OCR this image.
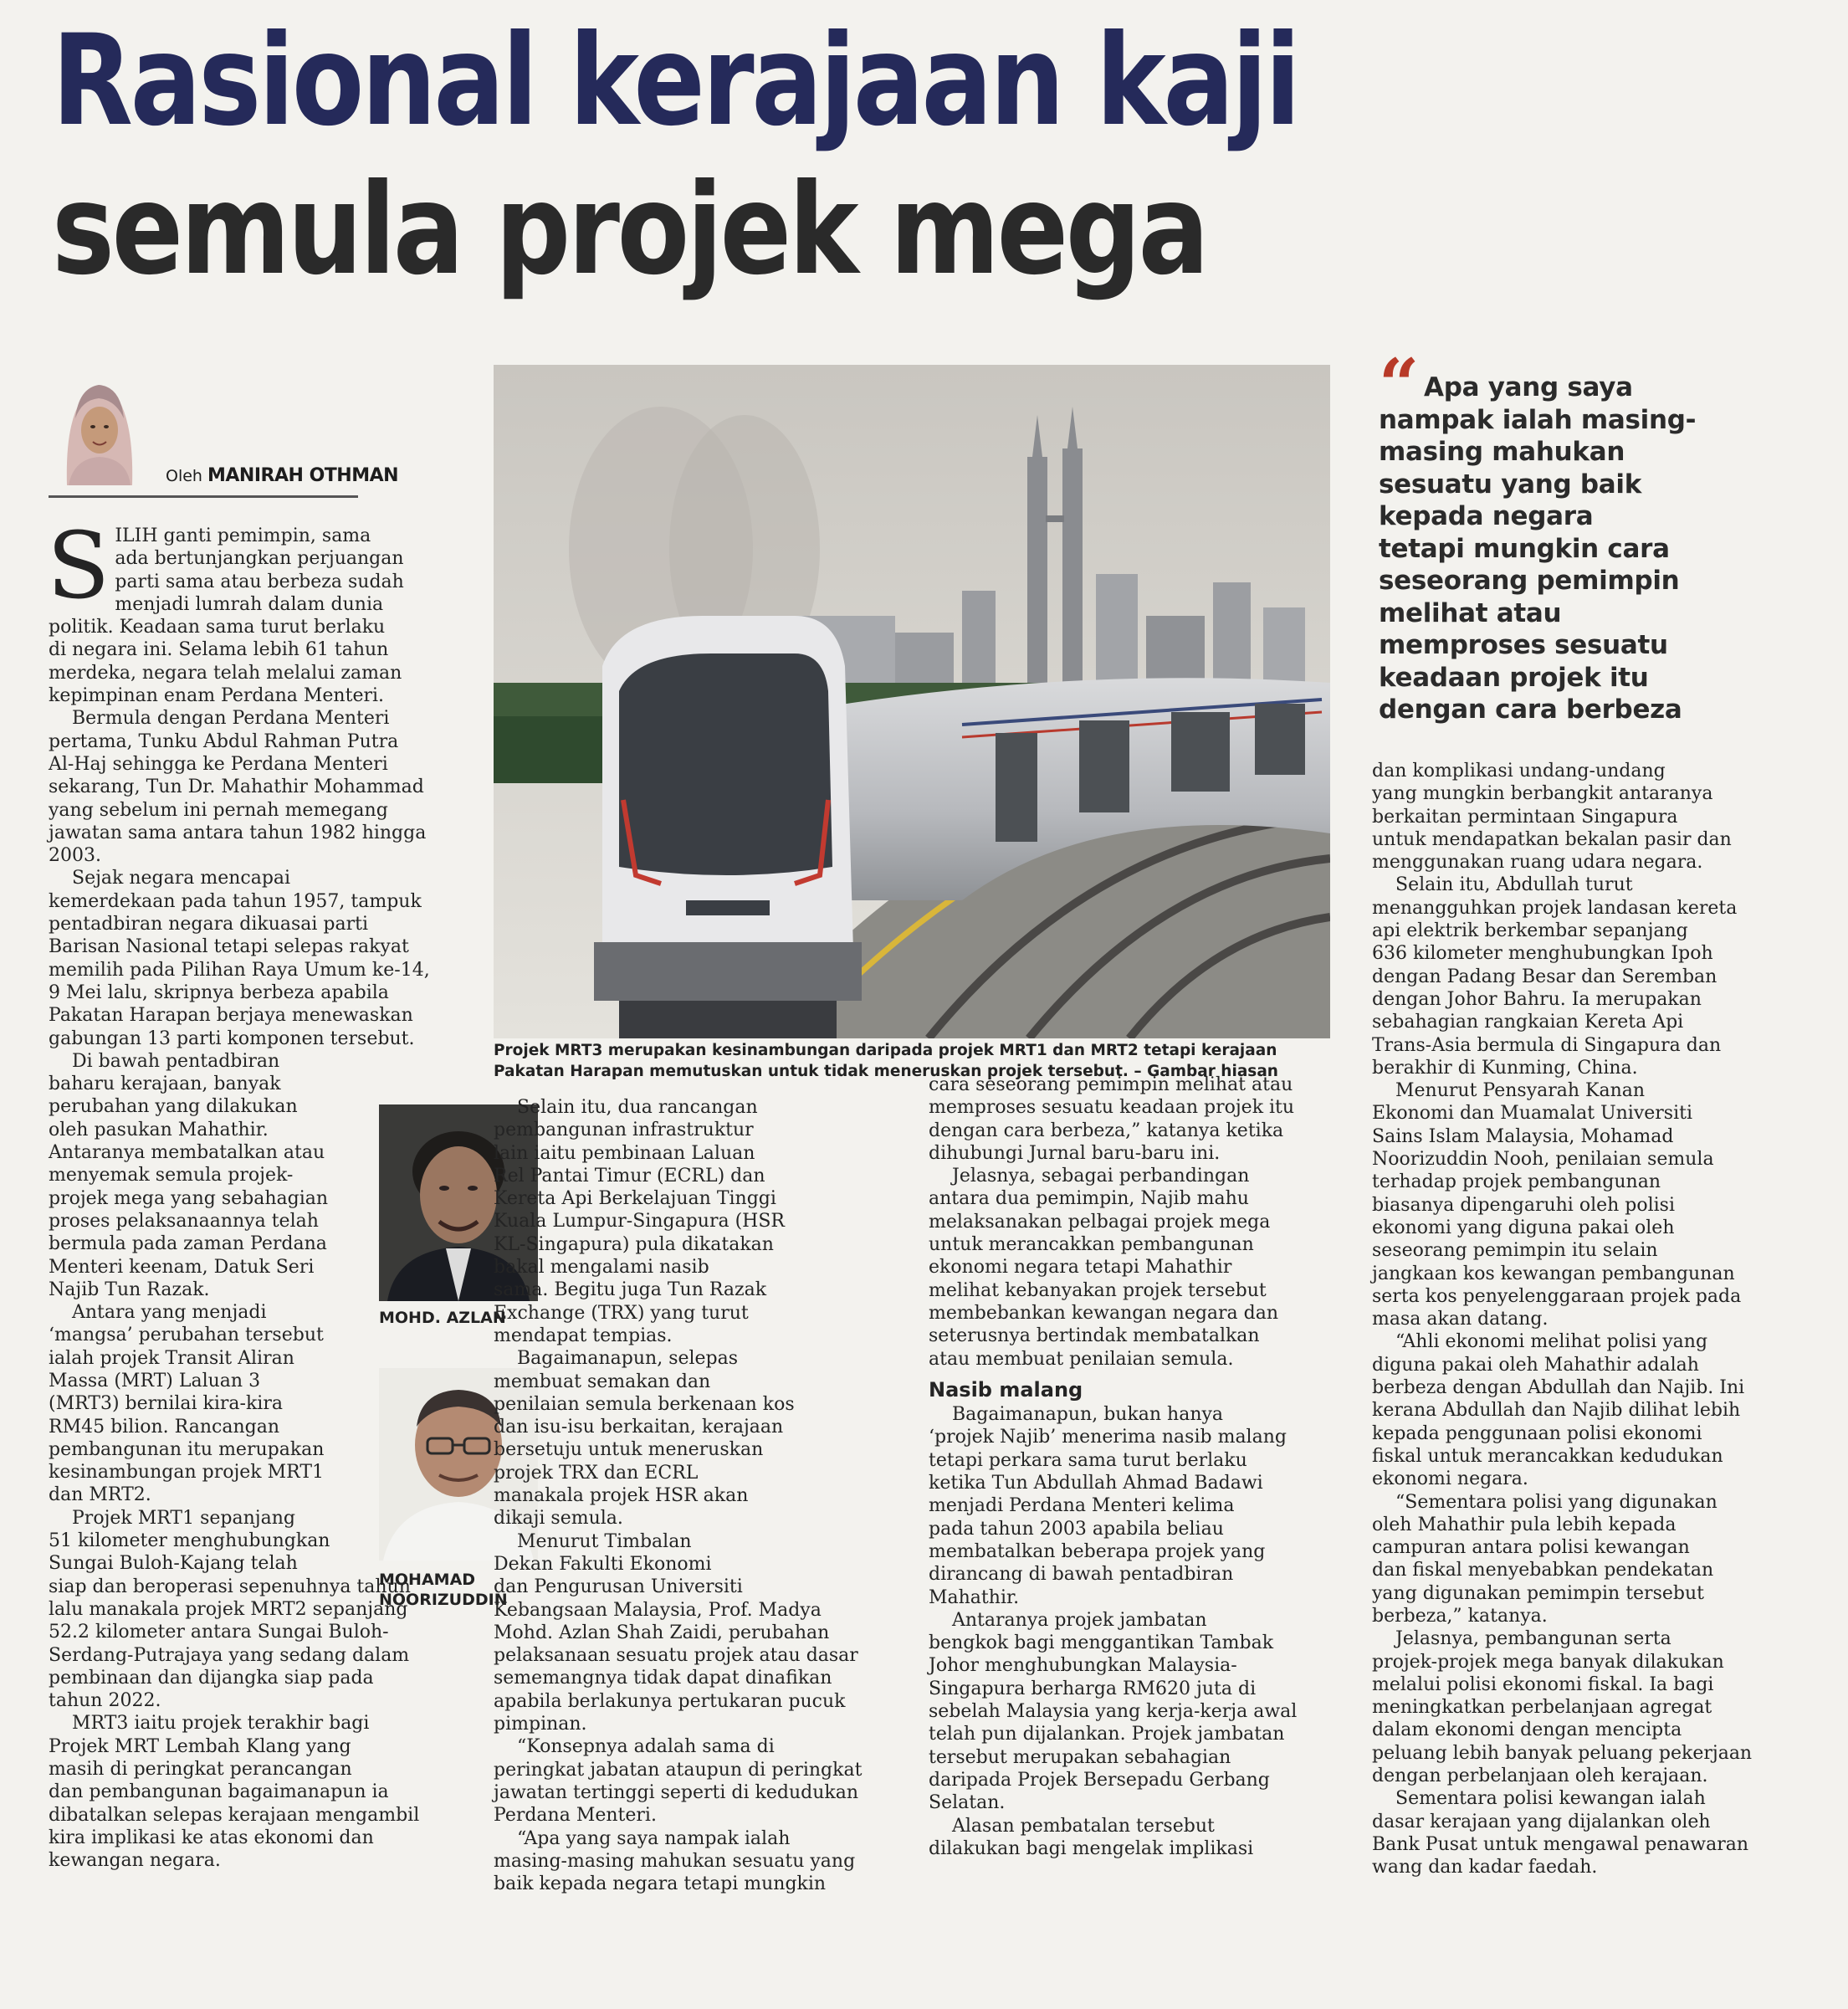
Rasional kerajaan kaji
semula projek mega
Oleh MANIRAH OTHMAN
Projek MRT3 merupakan kesinambungan daripada projek MRT1 dan MRT2 tetapi kerajaan
Pakatan Harapan memutuskan untuk tidak meneruskan projek tersebut. – Gambar hiasan
“ Apa yang saya
nampak ialah masing-
masing mahukan
sesuatu yang baik
kepada negara
tetapi mungkin cara
seseorang pemimpin
melihat atau
memproses sesuatu
keadaan projek itu
dengan cara berbeza
MOHD. AZLAN
MOHAMAD
NOORIZUDDIN
S ILIH ganti pemimpin, sama
ada bertunjangkan perjuangan
parti sama atau berbeza sudah
menjadi lumrah dalam dunia
politik. Keadaan sama turut berlaku
di negara ini. Selama lebih 61 tahun
merdeka, negara telah melalui zaman
kepimpinan enam Perdana Menteri.
Bermula dengan Perdana Menteri
pertama, Tunku Abdul Rahman Putra
Al-Haj sehingga ke Perdana Menteri
sekarang, Tun Dr. Mahathir Mohammad
yang sebelum ini pernah memegang
jawatan sama antara tahun 1982 hingga
2003.
Sejak negara mencapai
kemerdekaan pada tahun 1957, tampuk
pentadbiran negara dikuasai parti
Barisan Nasional tetapi selepas rakyat
memilih pada Pilihan Raya Umum ke-14,
9 Mei lalu, skripnya berbeza apabila
Pakatan Harapan berjaya menewaskan
gabungan 13 parti komponen tersebut.
Di bawah pentadbiran
baharu kerajaan, banyak
perubahan yang dilakukan
oleh pasukan Mahathir.
Antaranya membatalkan atau
menyemak semula projek-
projek mega yang sebahagian
proses pelaksanaannya telah
bermula pada zaman Perdana
Menteri keenam, Datuk Seri
Najib Tun Razak.
Antara yang menjadi
‘mangsa’ perubahan tersebut
ialah projek Transit Aliran
Massa (MRT) Laluan 3
(MRT3) bernilai kira-kira
RM45 bilion. Rancangan
pembangunan itu merupakan
kesinambungan projek MRT1
dan MRT2.
Projek MRT1 sepanjang
51 kilometer menghubungkan
Sungai Buloh-Kajang telah
siap dan beroperasi sepenuhnya tahun
lalu manakala projek MRT2 sepanjang
52.2 kilometer antara Sungai Buloh-
Serdang-Putrajaya yang sedang dalam
pembinaan dan dijangka siap pada
tahun 2022.
MRT3 iaitu projek terakhir bagi
Projek MRT Lembah Klang yang
masih di peringkat perancangan
dan pembangunan bagaimanapun ia
dibatalkan selepas kerajaan mengambil
kira implikasi ke atas ekonomi dan
kewangan negara.
Selain itu, dua rancangan
pembangunan infrastruktur
lain iaitu pembinaan Laluan
Rel Pantai Timur (ECRL) dan
Kereta Api Berkelajuan Tinggi
Kuala Lumpur-Singapura (HSR
KL-Singapura) pula dikatakan
bakal mengalami nasib
sama. Begitu juga Tun Razak
Exchange (TRX) yang turut
mendapat tempias.
Bagaimanapun, selepas
membuat semakan dan
penilaian semula berkenaan kos
dan isu-isu berkaitan, kerajaan
bersetuju untuk meneruskan
projek TRX dan ECRL
manakala projek HSR akan
dikaji semula.
Menurut Timbalan
Dekan Fakulti Ekonomi
dan Pengurusan Universiti
Kebangsaan Malaysia, Prof. Madya
Mohd. Azlan Shah Zaidi, perubahan
pelaksanaan sesuatu projek atau dasar
sememangnya tidak dapat dinafikan
apabila berlakunya pertukaran pucuk
pimpinan.
“Konsepnya adalah sama di
peringkat jabatan ataupun di peringkat
jawatan tertinggi seperti di kedudukan
Perdana Menteri.
“Apa yang saya nampak ialah
masing-masing mahukan sesuatu yang
baik kepada negara tetapi mungkin
cara seseorang pemimpin melihat atau
memproses sesuatu keadaan projek itu
dengan cara berbeza,” katanya ketika
dihubungi Jurnal baru-baru ini.
Jelasnya, sebagai perbandingan
antara dua pemimpin, Najib mahu
melaksanakan pelbagai projek mega
untuk merancakkan pembangunan
ekonomi negara tetapi Mahathir
melihat kebanyakan projek tersebut
membebankan kewangan negara dan
seterusnya bertindak membatalkan
atau membuat penilaian semula.
Nasib malang
Bagaimanapun, bukan hanya
‘projek Najib’ menerima nasib malang
tetapi perkara sama turut berlaku
ketika Tun Abdullah Ahmad Badawi
menjadi Perdana Menteri kelima
pada tahun 2003 apabila beliau
membatalkan beberapa projek yang
dirancang di bawah pentadbiran
Mahathir.
Antaranya projek jambatan
bengkok bagi menggantikan Tambak
Johor menghubungkan Malaysia-
Singapura berharga RM620 juta di
sebelah Malaysia yang kerja-kerja awal
telah pun dijalankan. Projek jambatan
tersebut merupakan sebahagian
daripada Projek Bersepadu Gerbang
Selatan.
Alasan pembatalan tersebut
dilakukan bagi mengelak implikasi
dan komplikasi undang-undang
yang mungkin berbangkit antaranya
berkaitan permintaan Singapura
untuk mendapatkan bekalan pasir dan
menggunakan ruang udara negara.
Selain itu, Abdullah turut
menangguhkan projek landasan kereta
api elektrik berkembar sepanjang
636 kilometer menghubungkan Ipoh
dengan Padang Besar dan Seremban
dengan Johor Bahru. Ia merupakan
sebahagian rangkaian Kereta Api
Trans-Asia bermula di Singapura dan
berakhir di Kunming, China.
Menurut Pensyarah Kanan
Ekonomi dan Muamalat Universiti
Sains Islam Malaysia, Mohamad
Noorizuddin Nooh, penilaian semula
terhadap projek pembangunan
biasanya dipengaruhi oleh polisi
ekonomi yang diguna pakai oleh
seseorang pemimpin itu selain
jangkaan kos kewangan pembangunan
serta kos penyelenggaraan projek pada
masa akan datang.
“Ahli ekonomi melihat polisi yang
diguna pakai oleh Mahathir adalah
berbeza dengan Abdullah dan Najib. Ini
kerana Abdullah dan Najib dilihat lebih
kepada penggunaan polisi ekonomi
fiskal untuk merancakkan kedudukan
ekonomi negara.
“Sementara polisi yang digunakan
oleh Mahathir pula lebih kepada
campuran antara polisi kewangan
dan fiskal menyebabkan pendekatan
yang digunakan pemimpin tersebut
berbeza,” katanya.
Jelasnya, pembangunan serta
projek-projek mega banyak dilakukan
melalui polisi ekonomi fiskal. Ia bagi
meningkatkan perbelanjaan agregat
dalam ekonomi dengan mencipta
peluang lebih banyak peluang pekerjaan
dengan perbelanjaan oleh kerajaan.
Sementara polisi kewangan ialah
dasar kerajaan yang dijalankan oleh
Bank Pusat untuk mengawal penawaran
wang dan kadar faedah.
